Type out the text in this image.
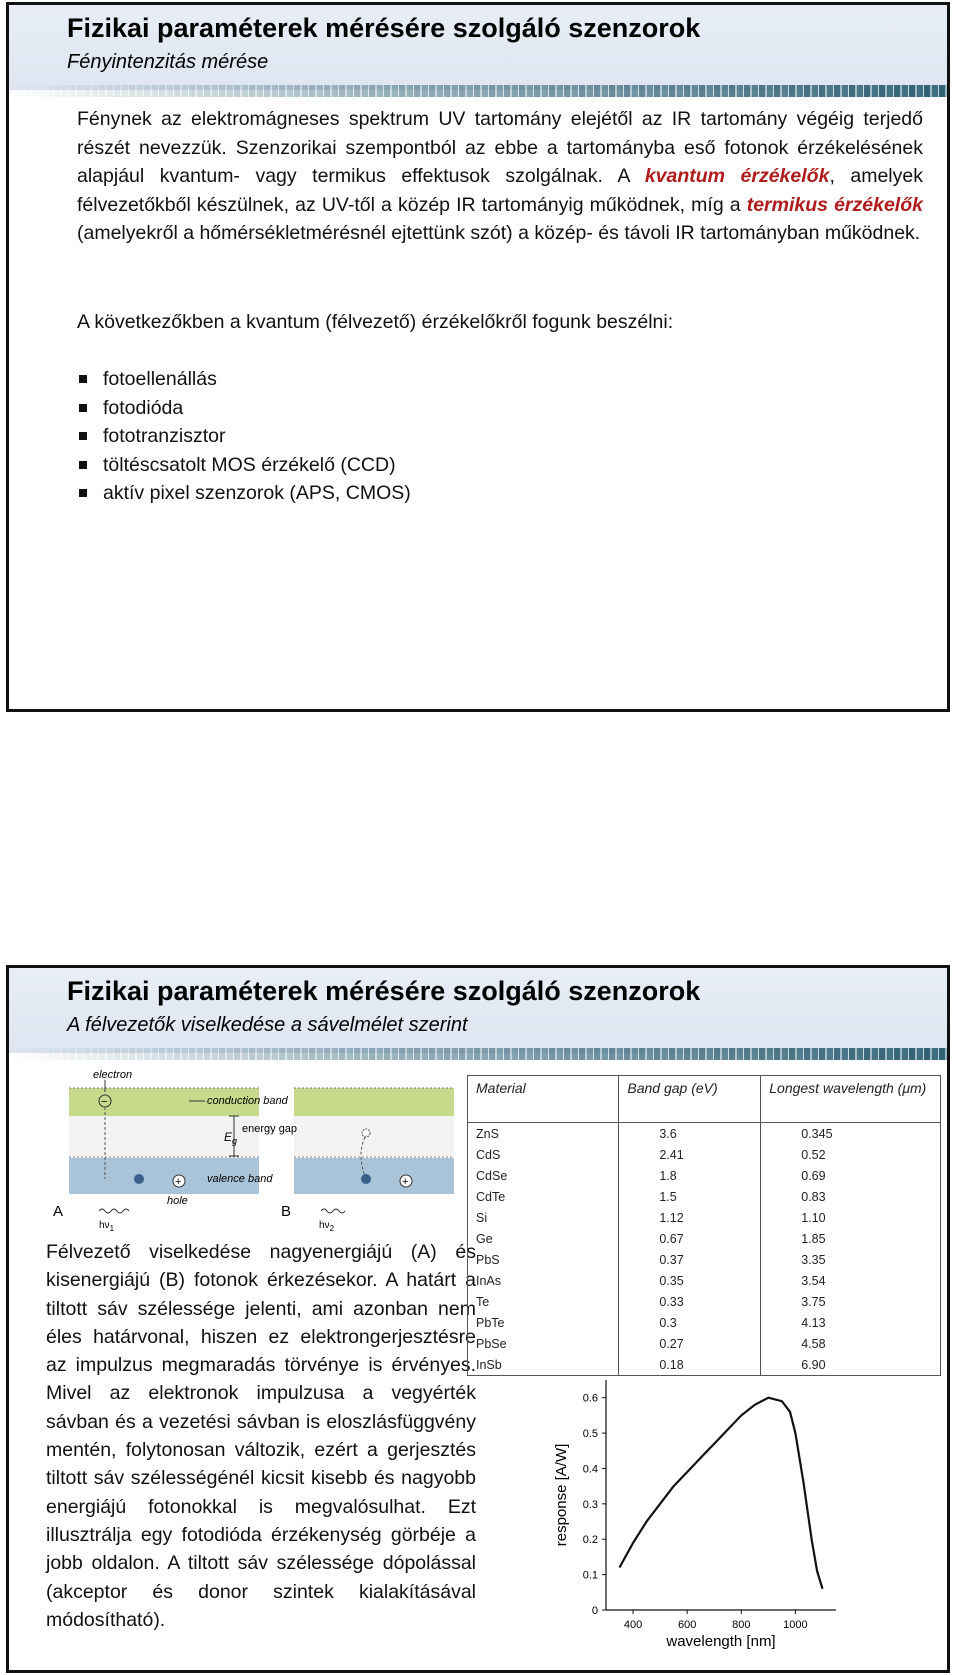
Fizikai paraméterek mérésére szolgáló szenzorok
Fényintenzitás mérése
Fénynek az elektromágneses spektrum UV tartomány elejétől az IR tartomány végéig terjedő részét nevezzük. Szenzorikai szempontból az ebbe a tartományba eső fotonok érzékelésének alapjául kvantum- vagy termikus effektusok szolgálnak. A kvantum érzékelők, amelyek félvezetőkből készülnek, az UV-től a közép IR tartományig működnek, míg a termikus érzékelők (amelyekről a hőmérsékletmérésnél ejtettünk szót) a közép- és távoli IR tartományban működnek.
A következőkben a kvantum (félvezető) érzékelőkről fogunk beszélni:
fotoellenállás
fotodióda
fototranzisztor
töltéscsatolt MOS érzékelő (CCD)
aktív pixel szenzorok (APS, CMOS)
Fizikai paraméterek mérésére szolgáló szenzorok
A félvezetők viselkedése a sávelmélet szerint
electron
−	conduction band
$E_g$
energy gap
valence band
+
hole
A
$h\nu_1$
+
B
$h\nu_2$
Félvezető viselkedése nagyenergiájú (A) és kisenergiájú (B) fotonok érkezésekor. A határt a tiltott sáv szélessége jelenti, ami azonban nem éles határvonal, hiszen ez elektrongerjesztésre az impulzus megmaradás törvénye is érvényes. Mivel az elektronok impulzusa a vegyérték sávban és a vezetési sávban is eloszlásfüggvény mentén, folytonosan változik, ezért a gerjesztés tiltott sáv szélességénél kicsit kisebb és nagyobb energiájú fotonokkal is megvalósulhat. Ezt illusztrálja egy fotodióda érzékenység görbéje a jobb oldalon. A tiltott sáv szélessége dópolással (akceptor és donor szintek kialakításával módosítható).
Material	Band gap (eV)	Longest wavelength (μm)
ZnS	3.6	0.345
CdS	2.41	0.52
CdSe	1.8	0.69
CdTe	1.5	0.83
Si	1.12	1.10
Ge	0.67	1.85
PbS	0.37	3.35
InAs	0.35	3.54
Te	0.33	3.75
PbTe	0.3	4.13
PbSe	0.27	4.58
InSb	0.18	6.90
0
0.1
0.2
0.3
0.4
0.5
0.6
400	600	800	1000
wavelength [nm]
response [A/W]
